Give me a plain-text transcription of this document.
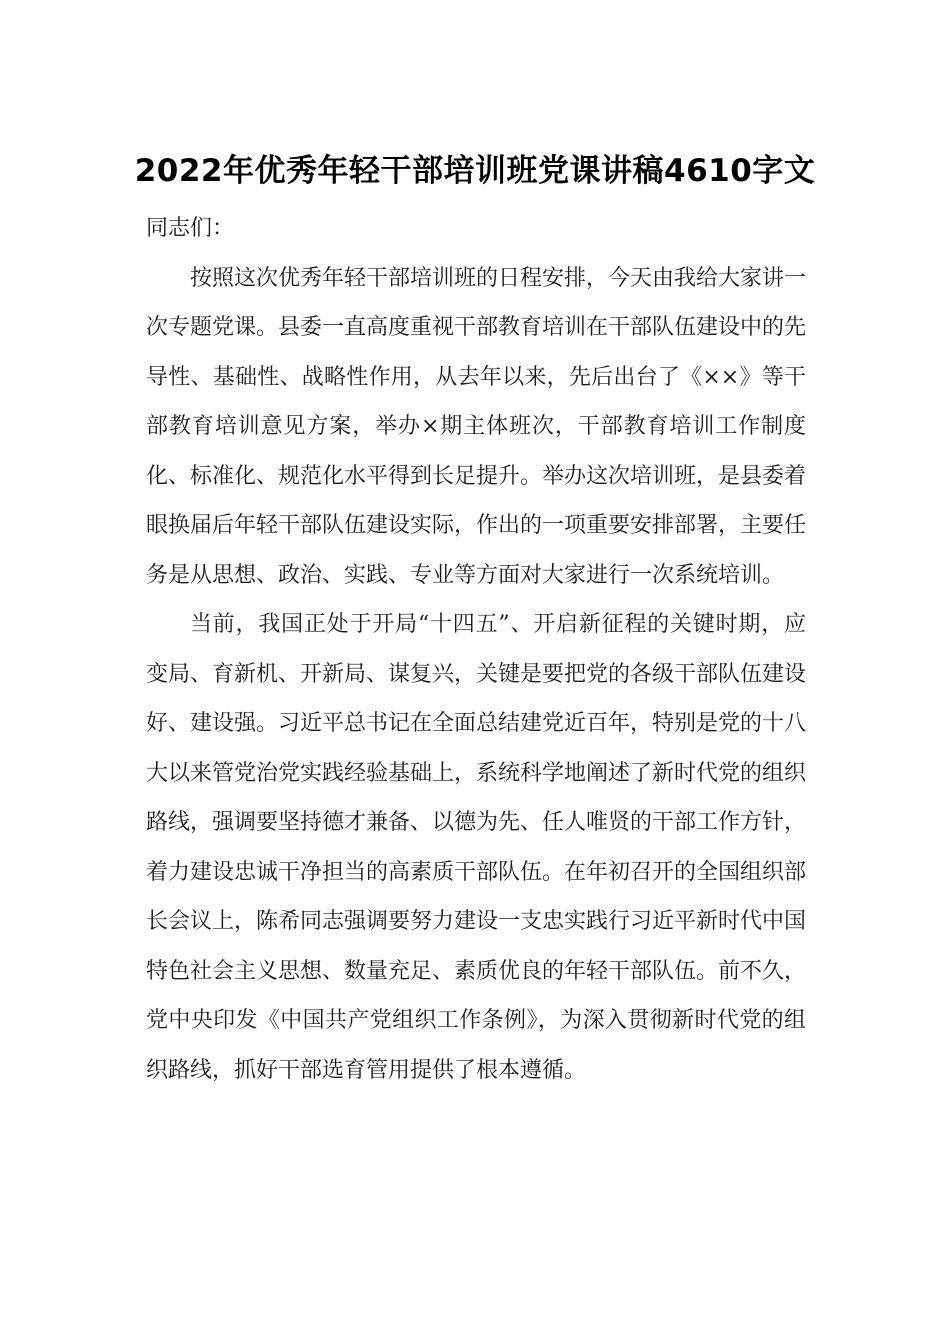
2022年优秀年轻干部培训班党课讲稿4610字文

同志们：

按照这次优秀年轻干部培训班的日程安排，今天由我给大家讲一次专题党课。县委一直高度重视干部教育培训在干部队伍建设中的先导性、基础性、战略性作用，从去年以来，先后出台了《××》等干部教育培训意见方案，举办×期主体班次，干部教育培训工作制度化、标准化、规范化水平得到长足提升。举办这次培训班，是县委着眼换届后年轻干部队伍建设实际，作出的一项重要安排部署，主要任务是从思想、政治、实践、专业等方面对大家进行一次系统培训。

当前，我国正处于开局“十四五”、开启新征程的关键时期，应变局、育新机、开新局、谋复兴，关键是要把党的各级干部队伍建设好、建设强。习近平总书记在全面总结建党近百年，特别是党的十八大以来管党治党实践经验基础上，系统科学地阐述了新时代党的组织路线，强调要坚持德才兼备、以德为先、任人唯贤的干部工作方针，着力建设忠诚干净担当的高素质干部队伍。在年初召开的全国组织部长会议上，陈希同志强调要努力建设一支忠实践行习近平新时代中国特色社会主义思想、数量充足、素质优良的年轻干部队伍。前不久，党中央印发《中国共产党组织工作条例》，为深入贯彻新时代党的组织路线，抓好干部选育管用提供了根本遵循。
